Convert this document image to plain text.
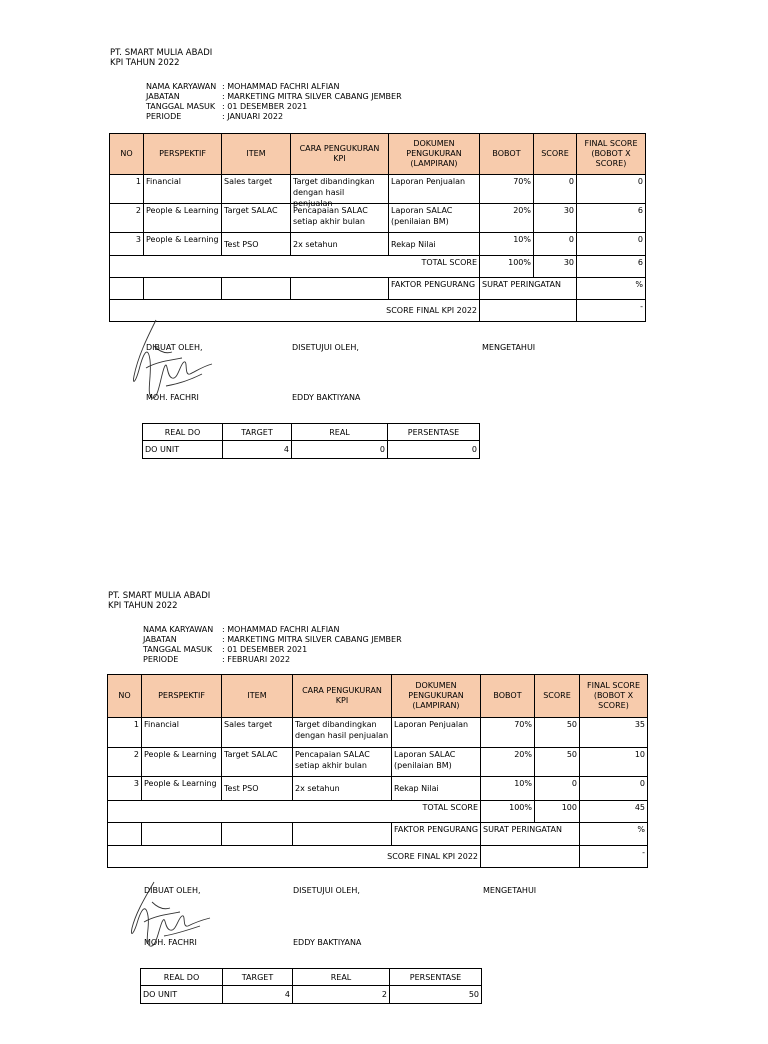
PT. SMART MULIA ABADI
KPI TAHUN 2022
NAMA KARYAWAN : MOHAMMAD FACHRI ALFIAN
JABATAN	: MARKETING MITRA SILVER CABANG JEMBER
TANGGAL MASUK : 01 DESEMBER 2021
PERIODE	: JANUARI 2022
NO	PERSPEKTIF	ITEM	CARA PENGUKURAN KPI	DOKUMEN PENGUKURAN (LAMPIRAN)	BOBOT	SCORE	FINAL SCORE (BOBOT X SCORE)
1	Financial	Sales target	Target dibandingkan dengan hasil penjualan	Laporan Penjualan	70%	0	0
2	People & Learning	Target SALAC	Pencapaian SALAC setiap akhir bulan	Laporan SALAC (penilaian BM)	20%	30	6
3	People & Learning	Test PSO	2x setahun	Rekap Nilai	10%	0	0
TOTAL SCORE					100%	30	6
				FAKTOR PENGURANG	SURAT PERINGATAN		%
SCORE FINAL KPI 2022							-
DIBUAT OLEH,	DISETUJUI OLEH,	MENGETAHUI
MOH. FACHRI	EDDY BAKTIYANA
REAL DO	TARGET	REAL	PERSENTASE
DO UNIT	4	0	0
PT. SMART MULIA ABADI
KPI TAHUN 2022
NAMA KARYAWAN : MOHAMMAD FACHRI ALFIAN
JABATAN	: MARKETING MITRA SILVER CABANG JEMBER
TANGGAL MASUK : 01 DESEMBER 2021
PERIODE	: FEBRUARI 2022
NO	PERSPEKTIF	ITEM	CARA PENGUKURAN KPI	DOKUMEN PENGUKURAN (LAMPIRAN)	BOBOT	SCORE	FINAL SCORE (BOBOT X SCORE)
1	Financial	Sales target	Target dibandingkan dengan hasil penjualan	Laporan Penjualan	70%	50	35
2	People & Learning	Target SALAC	Pencapaian SALAC setiap akhir bulan	Laporan SALAC (penilaian BM)	20%	50	10
3	People & Learning	Test PSO	2x setahun	Rekap Nilai	10%	0	0
TOTAL SCORE					100%	100	45
				FAKTOR PENGURANG	SURAT PERINGATAN		%
SCORE FINAL KPI 2022							-
DIBUAT OLEH,	DISETUJUI OLEH,	MENGETAHUI
MOH. FACHRI	EDDY BAKTIYANA
REAL DO	TARGET	REAL	PERSENTASE
DO UNIT	4	2	50
